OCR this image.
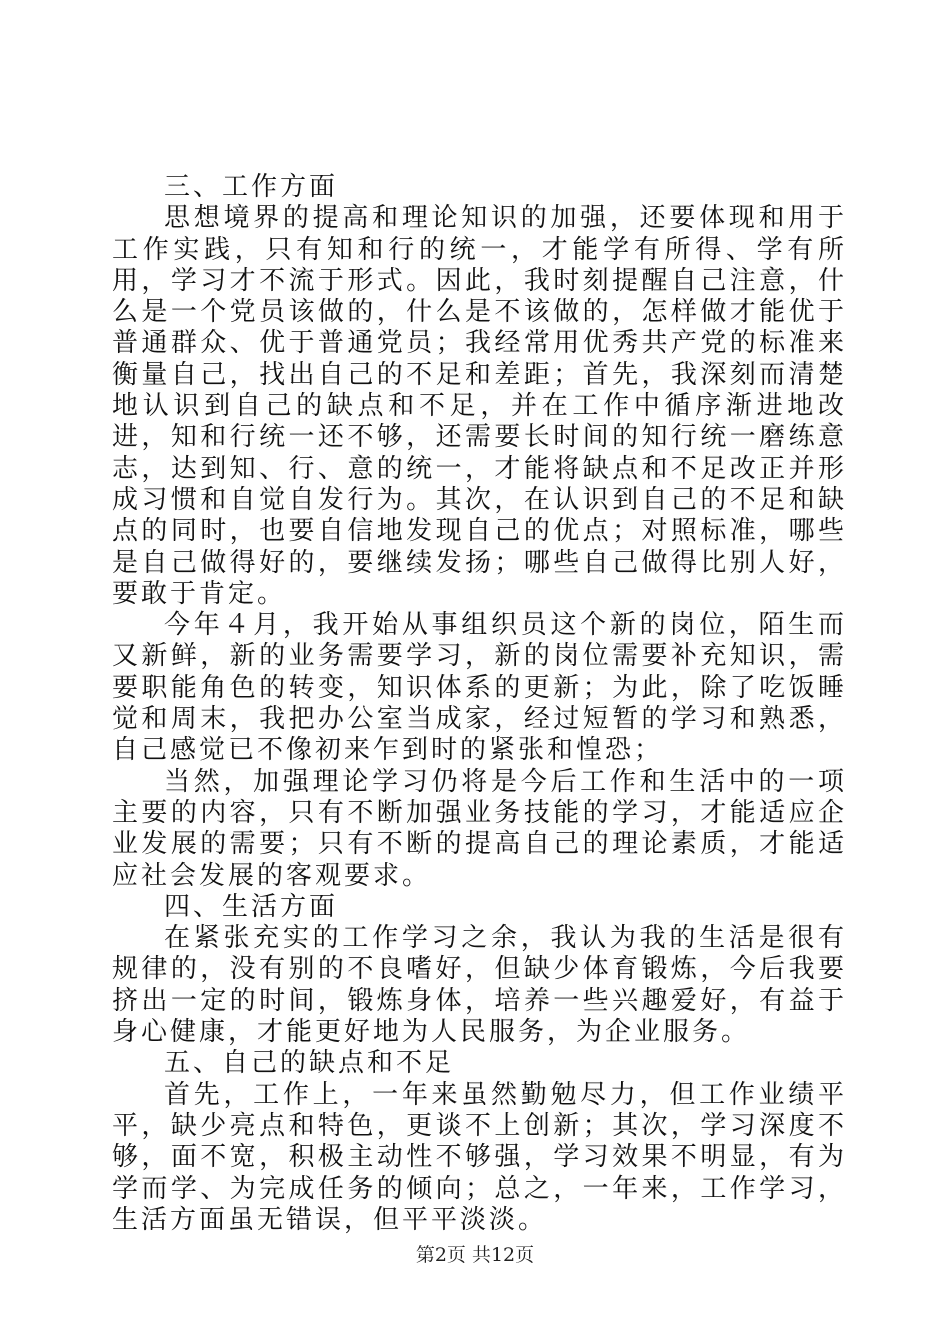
三、工作方面

思想境界的提高和理论知识的加强，还要体现和用于工作实践，只有知和行的统一，才能学有所得、学有所用，学习才不流于形式。因此，我时刻提醒自己注意，什么是一个党员该做的，什么是不该做的，怎样做才能优于普通群众、优于普通党员；我经常用优秀共产党的标准来衡量自己，找出自己的不足和差距；首先，我深刻而清楚地认识到自己的缺点和不足，并在工作中循序渐进地改进，知和行统一还不够，还需要长时间的知行统一磨练意志，达到知、行、意的统一，才能将缺点和不足改正并形成习惯和自觉自发行为。其次，在认识到自己的不足和缺点的同时，也要自信地发现自己的优点；对照标准，哪些是自己做得好的，要继续发扬；哪些自己做得比别人好，要敢于肯定。

今年４月，我开始从事组织员这个新的岗位，陌生而又新鲜，新的业务需要学习，新的岗位需要补充知识，需要职能角色的转变，知识体系的更新；为此，除了吃饭睡觉和周末，我把办公室当成家，经过短暂的学习和熟悉，自己感觉已不像初来乍到时的紧张和惶恐；

当然，加强理论学习仍将是今后工作和生活中的一项主要的内容，只有不断加强业务技能的学习，才能适应企业发展的需要；只有不断的提高自己的理论素质，才能适应社会发展的客观要求。

四、生活方面

在紧张充实的工作学习之余，我认为我的生活是很有规律的，没有别的不良嗜好，但缺少体育锻炼，今后我要挤出一定的时间，锻炼身体，培养一些兴趣爱好，有益于身心健康，才能更好地为人民服务，为企业服务。

五、自己的缺点和不足

首先，工作上，一年来虽然勤勉尽力，但工作业绩平平，缺少亮点和特色，更谈不上创新；其次，学习深度不够，面不宽，积极主动性不够强，学习效果不明显，有为学而学、为完成任务的倾向；总之，一年来，工作学习，生活方面虽无错误，但平平淡淡。

第2页 共12页
